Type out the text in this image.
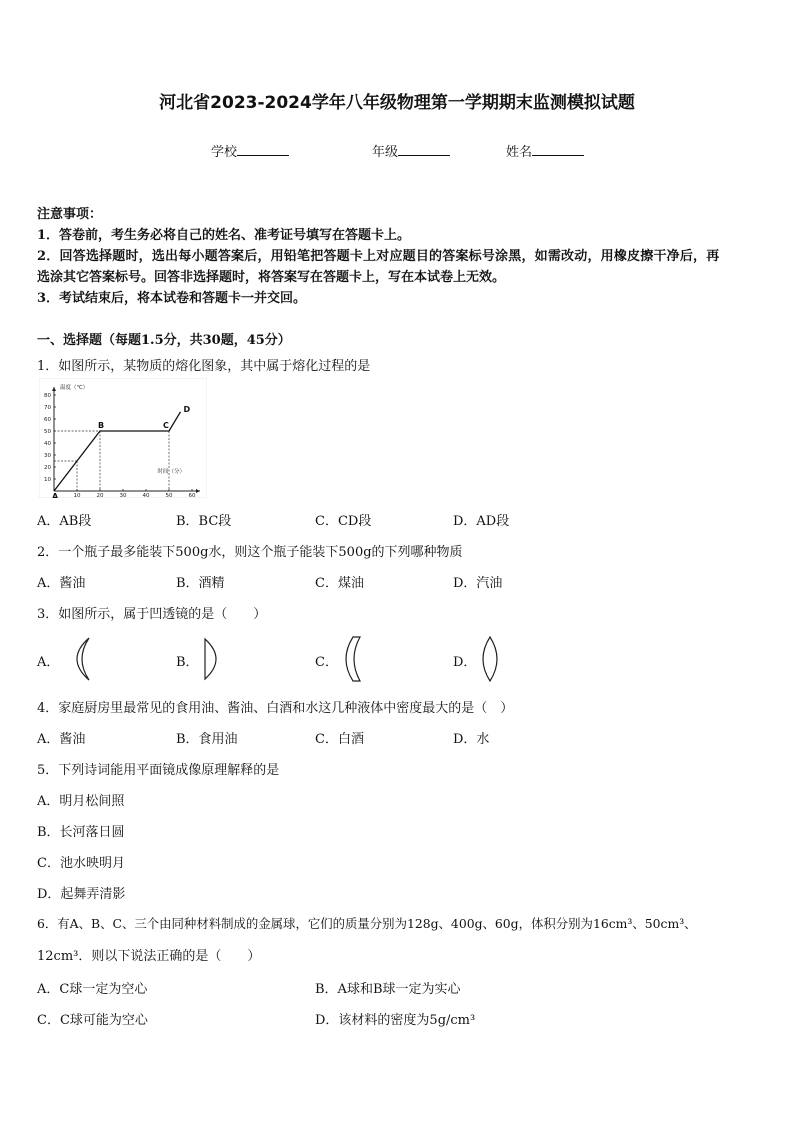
河北省2023-2024学年八年级物理第一学期期末监测模拟试题
学校	年级	姓名
注意事项：
1．答卷前，考生务必将自己的姓名、准考证号填写在答题卡上。
2．回答选择题时，选出每小题答案后，用铅笔把答题卡上对应题目的答案标号涂黑，如需改动，用橡皮擦干净后，再
选涂其它答案标号。回答非选择题时，将答案写在答题卡上，写在本试卷上无效。
3．考试结束后，将本试卷和答题卡一并交回。
一、选择题（每题1.5分，共30题，45分）
1．如图所示，某物质的熔化图象，其中属于熔化过程的是
10	20	30	40	50	60
10
20
30
40
50
60
70
80
温度（℃）
时间（分）
A
B	C
D
A．AB段	B．BC段	C．CD段	D．AD段
2．一个瓶子最多能装下500g水，则这个瓶子能装下500g的下列哪种物质
A．酱油	B．酒精	C．煤油	D．汽油
3．如图所示，属于凹透镜的是（　　）
A．	B．	C．	D．
4．家庭厨房里最常见的食用油、酱油、白酒和水这几种液体中密度最大的是（　）
A．酱油	B．食用油	C．白酒	D．水
5．下列诗词能用平面镜成像原理解释的是
A．明月松间照
B．长河落日圆
C．池水映明月
D．起舞弄清影
6．有A、B、C、三个由同种材料制成的金属球，它们的质量分别为128g、400g、60g，体积分别为16cm³、50cm³、
12cm³．则以下说法正确的是（　　）
A．C球一定为空心	B．A球和B球一定为实心
C．C球可能为空心	D．该材料的密度为5g/cm³
